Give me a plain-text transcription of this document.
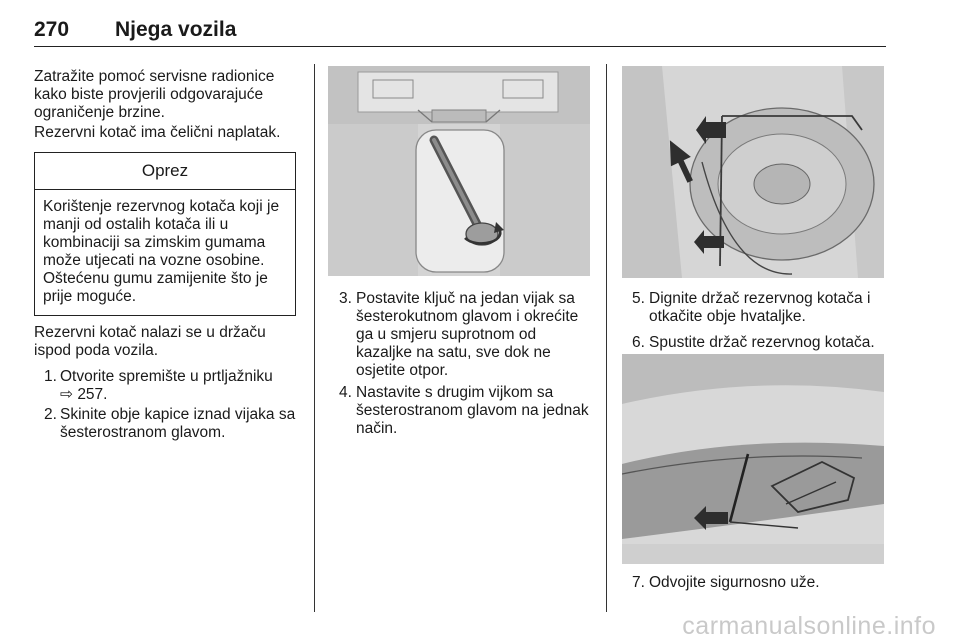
270 Njega vozila
Zatražite pomoć servisne radionice kako biste provjerili odgovarajuće ograničenje brzine.
Rezervni kotač ima čelični naplatak.
Oprez
Korištenje rezervnog kotača koji je manji od ostalih kotača ili u kombinaciji sa zimskim gumama može utjecati na vozne osobine. Oštećenu gumu zamijenite što je prije moguće.
Rezervni kotač nalazi se u držaču ispod poda vozila.
1. Otvorite spremište u prtljažniku
⇨ 257.
2. Skinite obje kapice iznad vijaka sa šesterostranom glavom.
3. Postavite ključ na jedan vijak sa šesterokutnom glavom i okrećite ga u smjeru suprotnom od kazaljke na satu, sve dok ne osjetite otpor.
4. Nastavite s drugim vijkom sa šesterostranom glavom na jednak način.
5. Dignite držač rezervnog kotača i otkačite obje hvataljke.
6. Spustite držač rezervnog kotača.
7. Odvojite sigurnosno uže.
carmanualsonline.info
